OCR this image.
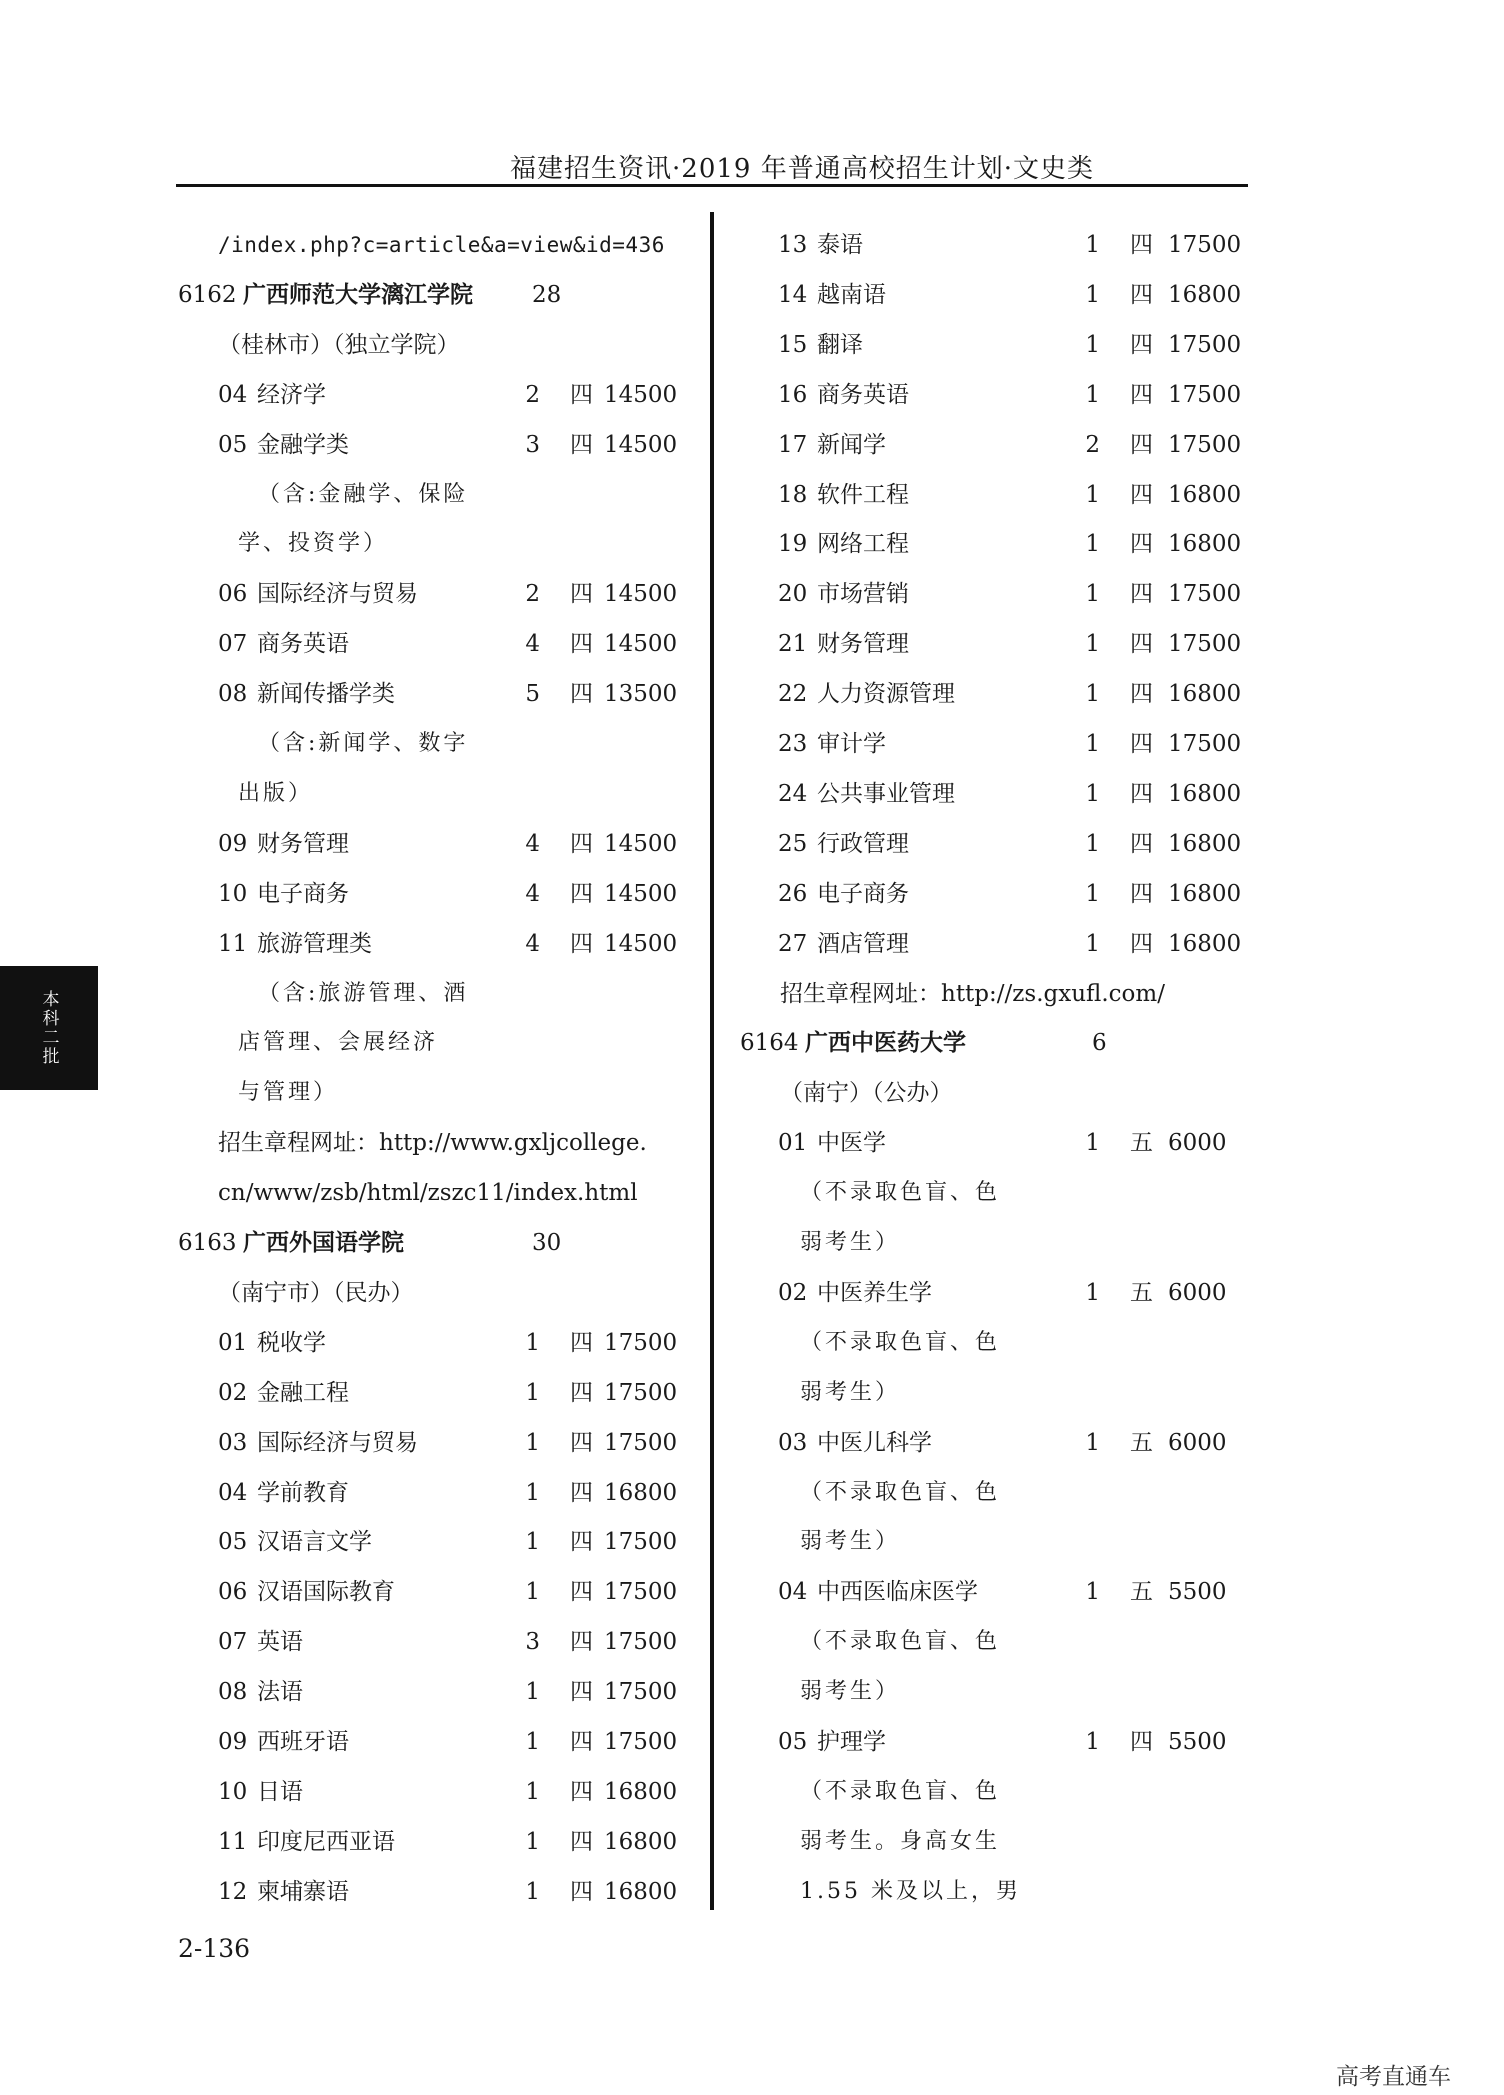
福建招生资讯·2019 年普通高校招生计划·文史类
本科二批
/index.php?c=article&a=view&id=436
6162 广西师范大学漓江学院	28
（桂林市）（独立学院）
04 经济学	2 四 14500
05 金融学类	3 四 14500
（含:金融学、保险
学、投资学）
06 国际经济与贸易	2 四 14500
07 商务英语	4 四 14500
08 新闻传播学类	5 四 13500
（含:新闻学、数字
出版）
09 财务管理	4 四 14500
10 电子商务	4 四 14500
11 旅游管理类	4 四 14500
（含:旅游管理、酒
店管理、会展经济
与管理）
招生章程网址：http://www.gxljcollege.
cn/www/zsb/html/zszc11/index.html
6163 广西外国语学院	30
（南宁市）（民办）
01 税收学	1 四 17500
02 金融工程	1 四 17500
03 国际经济与贸易	1 四 17500
04 学前教育	1 四 16800
05 汉语言文学	1 四 17500
06 汉语国际教育	1 四 17500
07 英语	3 四 17500
08 法语	1 四 17500
09 西班牙语	1 四 17500
10 日语	1 四 16800
11 印度尼西亚语	1 四 16800
12 柬埔寨语	1 四 16800
13 泰语	1 四 17500
14 越南语	1 四 16800
15 翻译	1 四 17500
16 商务英语	1 四 17500
17 新闻学	2 四 17500
18 软件工程	1 四 16800
19 网络工程	1 四 16800
20 市场营销	1 四 17500
21 财务管理	1 四 17500
22 人力资源管理	1 四 16800
23 审计学	1 四 17500
24 公共事业管理	1 四 16800
25 行政管理	1 四 16800
26 电子商务	1 四 16800
27 酒店管理	1 四 16800
招生章程网址：http://zs.gxufl.com/
6164 广西中医药大学	6
（南宁）（公办）
01 中医学	1 五 6000
（不录取色盲、色
弱考生）
02 中医养生学	1 五 6000
（不录取色盲、色
弱考生）
03 中医儿科学	1 五 6000
（不录取色盲、色
弱考生）
04 中西医临床医学	1 五 5500
（不录取色盲、色
弱考生）
05 护理学	1 四 5500
（不录取色盲、色
弱考生。身高女生
1.55 米及以上，男
2-136
高考直通车
